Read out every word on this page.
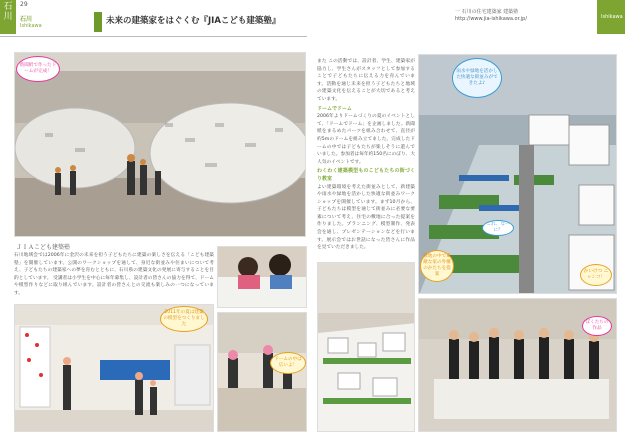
石川
29
石川
Ishikawa	未来の建築家をはぐくむ『JIAこども建築塾』
一 石川の住宅建築家 建築塾
http://www.jia-ishikawa.or.jp/	Ishikawa
新聞紙で作ったドームが完成！
ＪＩＡこども建築塾
石川地域会では2006年に金沢の未来を担う子どもたちに建築の楽しさを伝える「こども建築塾」を開催しています。公開のワークショップを通して、身近な街並みや住まいについて考え、子どもたちの建築家への夢を育むとともに、石川県の建築文化の発展に寄与することを目的としています。 受講者は小学生を中心に毎年募集し、設計者の皆さんの協力を得て、ドームや模型作りなどに取り組んでいます。設計者の皆さんとの交流も楽しみの一つになっています。
2011年の夏は建築の模型をつくりました
ドームの中は広いよ！
また この活動では、設計者、学生、建築家が協力し、学生さんがスタッフとして参加することで子どもたちに伝える力を育んでいます。活動を通じ未来を担う子どもたちと地域の建築文化を伝えることが大切であると考えています。
ドームでドーム
2006年よりドームづくりの夏のイベントとして、「ドームでドーム」を企画しました。新聞紙をまるめたパーツを組み合わせて、直径が約5mのドームを組み立てました。完成したドームの中では子どもたちが楽しそうに遊んでいました。参加者は毎年約150名にのぼり、大人気のイベントです。
わくわく建築模型ものこどもたちの街づくり教室
よい建築環境を考えた街並みとして、新建築や雨水や緑地を活かした快適な街並みワークショップを開催しています。まず10月から、子どもたちは模型を通じて街並みに必要な要素について考え、住宅の敷地に合った提案を作りました。プランニング、模型制作、発表会を通し、プレゼンテーションなどを行います。展示会ではお世話になった皆さんに作品を見ていただきました。
雨水や緑地を活かした快適な街並みができたよ♪
敷地の中で素敵な家の外構のかたちを提案
これ、なーに？
かいけつ ニャンコ！
ぼくたちの作品
